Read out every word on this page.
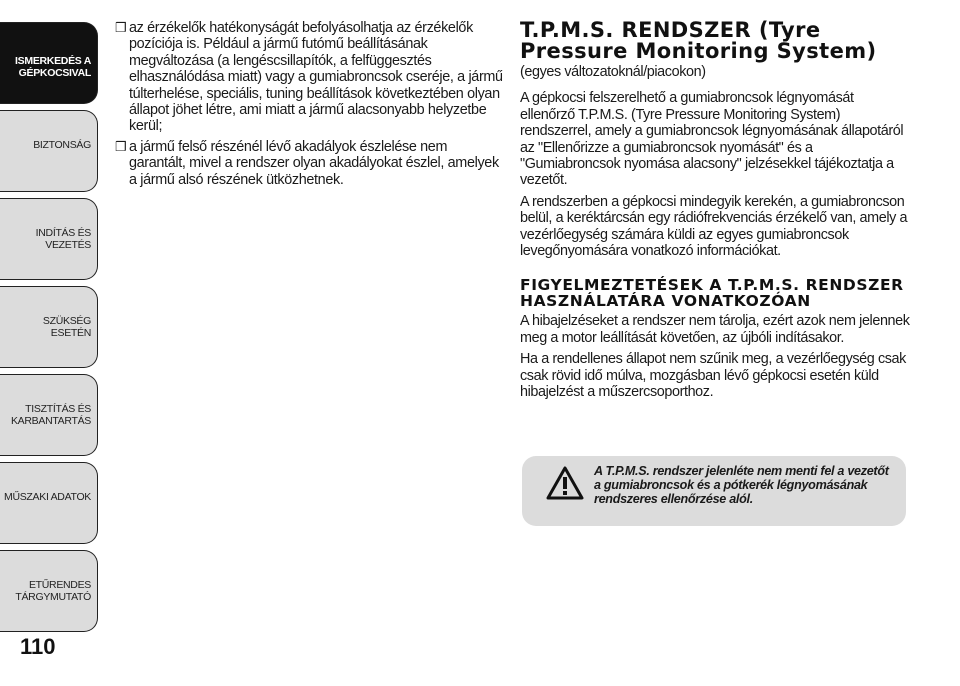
ISMERKEDÉS A
GÉPKOCSIVAL
BIZTONSÁG
INDÍTÁS ÉS VEZETÉS
SZÜKSÉG ESETÉN
TISZTÍTÁS ÉS
KARBANTARTÁS
MŰSZAKI ADATOK
ETŰRENDES
TÁRGYMUTATÓ
110

❒ az érzékelők hatékonyságát befolyásolhatja az érzékelők pozíciója is. Például a jármű futómű beállításának megváltozása (a lengéscsillapítók, a felfüggesztés elhasználódása miatt) vagy a gumiabroncsok cseréje, a jármű túlterhelése, speciális, tuning beállítások következtében olyan állapot jöhet létre, ami miatt a jármű alacsonyabb helyzetbe kerül;

❒ a jármű felső részénél lévő akadályok észlelése nem garantált, mivel a rendszer olyan akadályokat észlel, amelyek a jármű alsó részének ütközhetnek.

T.P.M.S. RENDSZER (Tyre Pressure Monitoring System)

(egyes változatoknál/piacokon)

A gépkocsi felszerelhető a gumiabroncsok légnyomását ellenőrző T.P.M.S. (Tyre Pressure Monitoring System) rendszerrel, amely a gumiabroncsok légnyomásának állapotáról az "Ellenőrizze a gumiabroncsok nyomását" és a "Gumiabroncsok nyomása alacsony" jelzésekkel tájékoztatja a vezetőt.

A rendszerben a gépkocsi mindegyik kerekén, a gumiabroncson belül, a keréktárcsán egy rádiófrekvenciás érzékelő van, amely a vezérlőegység számára küldi az egyes gumiabroncsok levegőnyomására vonatkozó információkat.

FIGYELMEZTETÉSEK A T.P.M.S. RENDSZER HASZNÁLATÁRA VONATKOZÓAN

A hibajelzéseket a rendszer nem tárolja, ezért azok nem jelennek meg a motor leállítását követően, az újbóli indításakor.

Ha a rendellenes állapot nem szűnik meg, a vezérlőegység csak csak rövid idő múlva, mozgásban lévő gépkocsi esetén küld hibajelzést a műszercsoporthoz.

A T.P.M.S. rendszer jelenléte nem menti fel a vezetőt a gumiabroncsok és a pótkerék légnyomásának rendszeres ellenőrzése alól.
